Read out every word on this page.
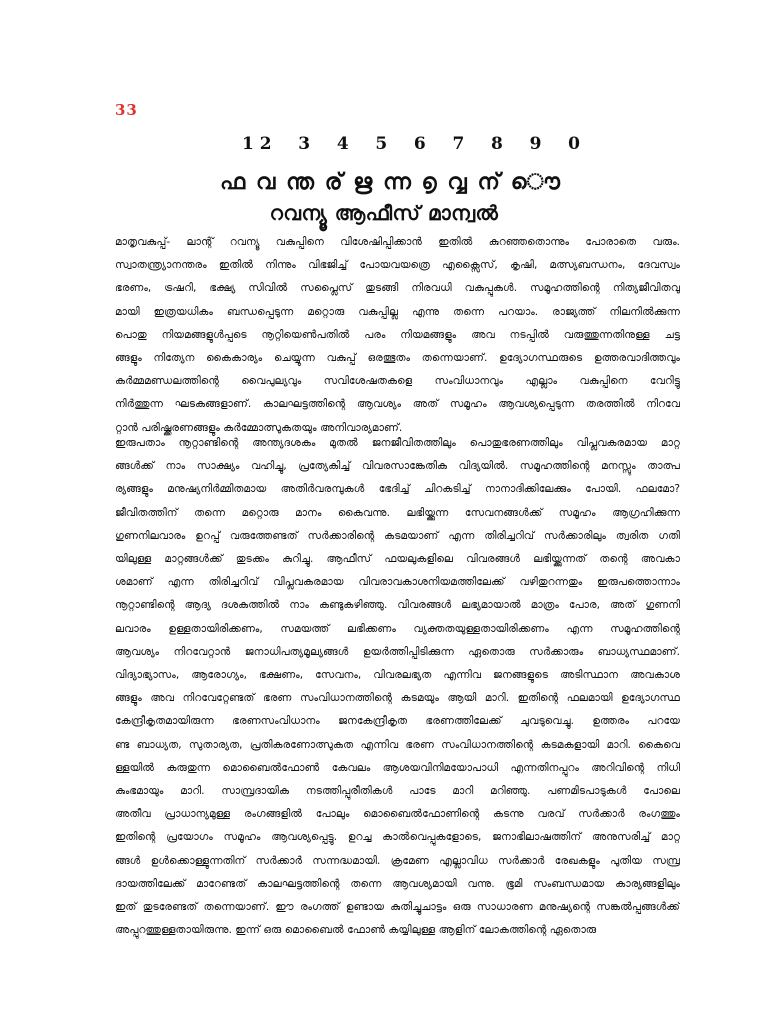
33
1 2 3 4 5 6 7 8 9 0
ഫ വ ന്ത ര് ഋ ന്ന ൭ വ്വ ന് ൌ
റവന്യൂ ആഫീസ് മാന്വൽ
മാതൃവകുപ്പ്- ലാന്റ് റവന്യൂ വകുപ്പിനെ വിശേഷിപ്പിക്കാൻ ഇതിൽ കുറഞ്ഞതൊന്നും പോരാതെ വരും.
സ്വാതന്ത്ര്യാനന്തരം ഇതിൽ നിന്നും വിഭജിച്ച് പോയവയത്രെ എക്സൈസ്, കൃഷി, മത്സ്യബന്ധനം, ദേവസ്വം
ഭരണം, ട്രഷറി, ഭക്ഷ്യ സിവിൽ സപ്ലൈസ് തുടങ്ങി നിരവധി വകുപ്പുകൾ. സമൂഹത്തിന്റെ നിത്യജീവിതവു
മായി ഇത്രയധികം ബന്ധപ്പെടുന്ന മറ്റൊരു വകുപ്പില്ല എന്നു തന്നെ പറയാം. രാജ്യത്ത് നിലനിൽക്കുന്ന
പൊതു നിയമങ്ങളുൾപ്പടെ നൂറ്റിയെൺപതിൽ പരം നിയമങ്ങളും അവ നടപ്പിൽ വരുത്തുന്നതിനുള്ള ചട്ട
ങ്ങളും നിത്യേന കൈകാര്യം ചെയ്യുന്ന വകുപ്പ് ഒരത്ഭുതം തന്നെയാണ്. ഉദ്യോഗസ്ഥരുടെ ഉത്തരവാദിത്തവും
കർമ്മമണ്ഡലത്തിന്റെ വൈപുല്യവും സവിശേഷതകളെ സംവിധാനവും എല്ലാം വകുപ്പിനെ വേറിട്ടു
നിർത്തുന്ന ഘടകങ്ങളാണ്. കാലഘട്ടത്തിന്റെ ആവശ്യം അത് സമൂഹം ആവശ്യപ്പെടുന്ന തരത്തിൽ നിറവേ
റ്റാൻ പരിഷ്ക്കരണങ്ങളും കർമ്മോത്സുകതയും അനിവാര്യമാണ്.
ഇരുപതാം നൂറ്റാണ്ടിന്റെ അന്ത്യദശകം മുതൽ ജനജീവിതത്തിലും പൊതുഭരണത്തിലും വിപ്ലവകരമായ മാറ്റ
ങ്ങൾക്ക് നാം സാക്ഷ്യം വഹിച്ചു, പ്രത്യേകിച്ച് വിവരസാങ്കേതിക വിദ്യയിൽ. സമൂഹത്തിന്റെ മനസ്സും താത്പ
ര്യങ്ങളും മനുഷ്യനിർമ്മിതമായ അതിർവരമ്പുകൾ ഭേദിച്ച് ചിറകടിച്ച് നാനാദിക്കിലേക്കും പോയി. ഫലമോ?
ജീവിതത്തിന് തന്നെ മറ്റൊരു മാനം കൈവന്നു. ലഭിയ്ക്കുന്ന സേവനങ്ങൾക്ക് സമൂഹം ആഗ്രഹിക്കുന്ന
ഗുണനിലവാരം ഉറപ്പ് വരുത്തേണ്ടത് സർക്കാരിന്റെ കടമയാണ് എന്ന തിരിച്ചറിവ് സർക്കാരിലും ത്വരിത ഗതി
യിലുള്ള മാറ്റങ്ങൾക്ക് തുടക്കം കുറിച്ചു. ആഫീസ് ഫയലുകളിലെ വിവരങ്ങൾ ലഭിയ്ക്കുന്നത് തന്റെ അവകാ
ശമാണ് എന്ന തിരിച്ചറിവ് വിപ്ലവകരമായ വിവരാവകാശനിയമത്തിലേക്ക് വഴിതുറന്നതും ഇരുപത്തൊന്നാം
നൂറ്റാണ്ടിന്റെ ആദ്യ ദശകത്തിൽ നാം കണ്ടുകഴിഞ്ഞു. വിവരങ്ങൾ ലഭ്യമായാൽ മാത്രം പോര, അത് ഗുണനി
ലവാരം ഉള്ളതായിരിക്കണം, സമയത്ത് ലഭിക്കണം വ്യക്തതയുള്ളതായിരിക്കണം എന്ന സമൂഹത്തിന്റെ
ആവശ്യം നിറവേറ്റാൻ ജനാധിപത്യമൂല്യങ്ങൾ ഉയർത്തിപ്പിടിക്കുന്ന ഏതൊരു സർക്കാരും ബാധ്യസ്ഥമാണ്.
വിദ്യാഭ്യാസം, ആരോഗ്യം, ഭക്ഷണം, സേവനം, വിവരലഭ്യത എന്നിവ ജനങ്ങളുടെ അടിസ്ഥാന അവകാശ
ങ്ങളും അവ നിറവേറ്റേണ്ടത് ഭരണ സംവിധാനത്തിന്റെ കടമയും ആയി മാറി. ഇതിന്റെ ഫലമായി ഉദ്യോഗസ്ഥ
കേന്ദ്രീകൃതമായിരുന്ന ഭരണസംവിധാനം ജനകേന്ദ്രീകൃത ഭരണത്തിലേക്ക് ചുവടുവെച്ചു. ഉത്തരം പറയേ
ണ്ട ബാധ്യത, സുതാര്യത, പ്രതികരണോത്സുകത എന്നിവ ഭരണ സംവിധാനത്തിന്റെ കടമകളായി മാറി. കൈവെ
ള്ളയിൽ കരുതുന്ന മൊബൈൽഫോൺ കേവലം ആശയവിനിമയോപാധി എന്നതിനപ്പുറം അറിവിന്റെ നിധി
കുംഭമായും മാറി. സാമ്പ്രദായിക നടത്തിപ്പുരീതികൾ പാടേ മാറി മറിഞ്ഞു. പണമിടപാടുകൾ പോലെ
അതീവ പ്രാധാന്യമുള്ള രംഗങ്ങളിൽ പോലും മൊബൈൽഫോണിന്റെ കടന്നു വരവ് സർക്കാർ രംഗത്തും
ഇതിന്റെ പ്രയോഗം സമൂഹം ആവശ്യപ്പെട്ടു. ഉറച്ച കാൽവെപ്പുകളോടെ, ജനാഭിലാഷത്തിന് അനുസരിച്ച് മാറ്റ
ങ്ങൾ ഉൾക്കൊള്ളുന്നതിന് സർക്കാർ സന്നദ്ധമായി. ക്രമേണ എല്ലാവിധ സർക്കാർ രേഖകളും പുതിയ സമ്പ്ര
ദായത്തിലേക്ക് മാറേണ്ടത് കാലഘട്ടത്തിന്റെ തന്നെ ആവശ്യമായി വന്നു. ഭൂമി സംബന്ധമായ കാര്യങ്ങളിലും
ഇത് തുടരേണ്ടത് തന്നെയാണ്. ഈ രംഗത്ത് ഉണ്ടായ കുതിച്ചുചാട്ടം ഒരു സാധാരണ മനുഷ്യന്റെ സങ്കൽപ്പങ്ങൾക്ക്
അപ്പുറത്തുള്ളതായിരുന്നു. ഇന്ന് ഒരു മൊബൈൽ ഫോൺ കയ്യിലുള്ള ആളിന് ലോകത്തിന്റെ ഏതൊരു
